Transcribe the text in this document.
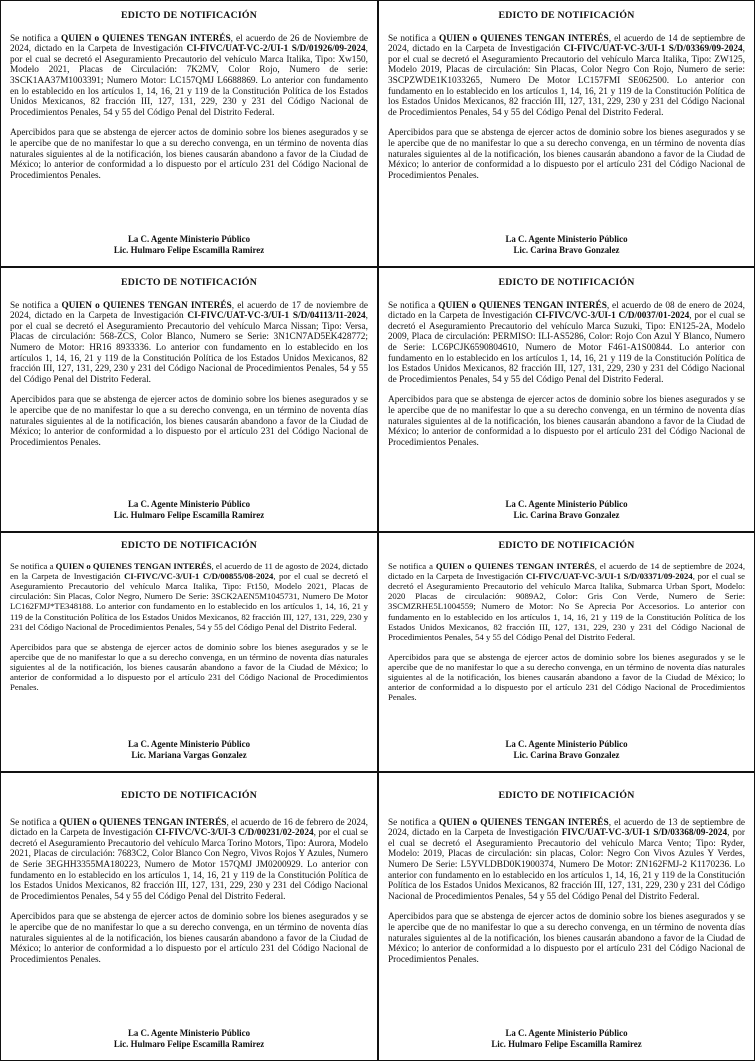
EDICTO DE NOTIFICACIÓN

Se notifica a QUIEN o QUIENES TENGAN INTERÉS, el acuerdo de 26 de Noviembre de 2024, dictado en la Carpeta de Investigación CI-FIVC/UAT-VC-2/UI-1 S/D/01926/09-2024, por el cual se decretó el Aseguramiento Precautorio del vehículo Marca Italika, Tipo: Xw150, Modelo 2021, Placas de Circulación: 7K2MV, Color Rojo, Numero de serie: 3SCK1AA37M1003391; Numero Motor: LC157QMJ L6688869. Lo anterior con fundamento en lo establecido en los artículos 1, 14, 16, 21 y 119 de la Constitución Política de los Estados Unidos Mexicanos, 82 fracción III, 127, 131, 229, 230 y 231 del Código Nacional de Procedimientos Penales, 54 y 55 del Código Penal del Distrito Federal.

Apercibidos para que se abstenga de ejercer actos de dominio sobre los bienes asegurados y se le apercibe que de no manifestar lo que a su derecho convenga, en un término de noventa días naturales siguientes al de la notificación, los bienes causarán abandono a favor de la Ciudad de México; lo anterior de conformidad a lo dispuesto por el artículo 231 del Código Nacional de Procedimientos Penales.

La C. Agente Ministerio Público
Lic. Hulmaro Felipe Escamilla Ramirez
EDICTO DE NOTIFICACIÓN

Se notifica a QUIEN o QUIENES TENGAN INTERÉS, el acuerdo de 14 de septiembre de 2024, dictado en la Carpeta de Investigación CI-FIVC/UAT-VC-3/UI-1 S/D/03369/09-2024, por el cual se decretó el Aseguramiento Precautorio del vehículo Marca Italika, Tipo: ZW125, Modelo 2019, Placas de circulación: Sin Placas, Color Negro Con Rojo, Numero de serie: 3SCPZWDE1K1033265, Numero De Motor LC157FMI SE062500. Lo anterior con fundamento en lo establecido en los artículos 1, 14, 16, 21 y 119 de la Constitución Política de los Estados Unidos Mexicanos, 82 fracción III, 127, 131, 229, 230 y 231 del Código Nacional de Procedimientos Penales, 54 y 55 del Código Penal del Distrito Federal.

Apercibidos para que se abstenga de ejercer actos de dominio sobre los bienes asegurados y se le apercibe que de no manifestar lo que a su derecho convenga, en un término de noventa días naturales siguientes al de la notificación, los bienes causarán abandono a favor de la Ciudad de México; lo anterior de conformidad a lo dispuesto por el artículo 231 del Código Nacional de Procedimientos Penales.

La C. Agente Ministerio Público
Lic. Carina Bravo Gonzalez
EDICTO DE NOTIFICACIÓN

Se notifica a QUIEN o QUIENES TENGAN INTERÉS, el acuerdo de 17 de noviembre de 2024, dictado en la Carpeta de Investigación CI-FIVC/UAT-VC-3/UI-1 S/D/04113/11-2024, por el cual se decretó el Aseguramiento Precautorio del vehículo Marca Nissan; Tipo: Versa, Placas de circulación: 568-ZCS, Color Blanco, Numero se Serie: 3N1CN7AD5EK428772; Numero de Motor: HR16 8933336. Lo anterior con fundamento en lo establecido en los artículos 1, 14, 16, 21 y 119 de la Constitución Política de los Estados Unidos Mexicanos, 82 fracción III, 127, 131, 229, 230 y 231 del Código Nacional de Procedimientos Penales, 54 y 55 del Código Penal del Distrito Federal.

Apercibidos para que se abstenga de ejercer actos de dominio sobre los bienes asegurados y se le apercibe que de no manifestar lo que a su derecho convenga, en un término de noventa días naturales siguientes al de la notificación, los bienes causarán abandono a favor de la Ciudad de México; lo anterior de conformidad a lo dispuesto por el artículo 231 del Código Nacional de Procedimientos Penales.

La C. Agente Ministerio Público
Lic. Hulmaro Felipe Escamilla Ramirez
EDICTO DE NOTIFICACIÓN

Se notifica a QUIEN o QUIENES TENGAN INTERÉS, el acuerdo de 08 de enero de 2024, dictado en la Carpeta de Investigación CI-FIVC/VC-3/UI-1 C/D/0037/01-2024, por el cual se decretó el Aseguramiento Precautorio del vehículo Marca Suzuki, Tipo: EN125-2A, Modelo 2009, Placa de circulación: PERMISO: ILI-AS5286, Color: Rojo Con Azul Y Blanco, Numero de Serie: LC6PCJK6590804610, Numero de Motor F461-A1S00844. Lo anterior con fundamento en lo establecido en los artículos 1, 14, 16, 21 y 119 de la Constitución Política de los Estados Unidos Mexicanos, 82 fracción III, 127, 131, 229, 230 y 231 del Código Nacional de Procedimientos Penales, 54 y 55 del Código Penal del Distrito Federal.

Apercibidos para que se abstenga de ejercer actos de dominio sobre los bienes asegurados y se le apercibe que de no manifestar lo que a su derecho convenga, en un término de noventa días naturales siguientes al de la notificación, los bienes causarán abandono a favor de la Ciudad de México; lo anterior de conformidad a lo dispuesto por el artículo 231 del Código Nacional de Procedimientos Penales.

La C. Agente Ministerio Público
Lic. Carina Bravo Gonzalez
EDICTO DE NOTIFICACIÓN

Se notifica a QUIEN o QUIENES TENGAN INTERÉS, el acuerdo de 11 de agosto de 2024, dictado en la Carpeta de Investigación CI-FIVC/VC-3/UI-1 C/D/00855/08-2024, por el cual se decretó el Aseguramiento Precautorio del vehículo Marca Italika, Tipo: Ft150, Modelo 2021, Placas de circulación: Sin Placas, Color Negro, Numero De Serie: 3SCK2AEN5M1045731, Numero De Motor LC162FMJ*TE348188. Lo anterior con fundamento en lo establecido en los artículos 1, 14, 16, 21 y 119 de la Constitución Política de los Estados Unidos Mexicanos, 82 fracción III, 127, 131, 229, 230 y 231 del Código Nacional de Procedimientos Penales, 54 y 55 del Código Penal del Distrito Federal.

Apercibidos para que se abstenga de ejercer actos de dominio sobre los bienes asegurados y se le apercibe que de no manifestar lo que a su derecho convenga, en un término de noventa días naturales siguientes al de la notificación, los bienes causarán abandono a favor de la Ciudad de México; lo anterior de conformidad a lo dispuesto por el artículo 231 del Código Nacional de Procedimientos Penales.

La C. Agente Ministerio Público
Lic. Mariana Vargas Gonzalez
EDICTO DE NOTIFICACIÓN

Se notifica a QUIEN o QUIENES TENGAN INTERÉS, el acuerdo de 14 de septiembre de 2024, dictado en la Carpeta de Investigación CI-FIVC/UAT-VC-3/UI-1 S/D/03371/09-2024, por el cual se decretó el Aseguramiento Precautorio del vehículo Marca Italika, Submarca Urban Sport, Modelo: 2020 Placas de circulación: 9089A2, Color: Gris Con Verde, Numero de Serie: 3SCMZRHE5L1004559; Numero de Motor: No Se Aprecia Por Accesorios. Lo anterior con fundamento en lo establecido en los artículos 1, 14, 16, 21 y 119 de la Constitución Política de los Estados Unidos Mexicanos, 82 fracción III, 127, 131, 229, 230 y 231 del Código Nacional de Procedimientos Penales, 54 y 55 del Código Penal del Distrito Federal.

Apercibidos para que se abstenga de ejercer actos de dominio sobre los bienes asegurados y se le apercibe que de no manifestar lo que a su derecho convenga, en un término de noventa días naturales siguientes al de la notificación, los bienes causarán abandono a favor de la Ciudad de México; lo anterior de conformidad a lo dispuesto por el artículo 231 del Código Nacional de Procedimientos Penales.

La C. Agente Ministerio Público
Lic. Carina Bravo Gonzalez
EDICTO DE NOTIFICACIÓN

Se notifica a QUIEN o QUIENES TENGAN INTERÉS, el acuerdo de 16 de febrero de 2024, dictado en la Carpeta de Investigación CI-FIVC/VC-3/UI-3 C/D/00231/02-2024, por el cual se decretó el Aseguramiento Precautorio del vehículo Marca Torino Motors, Tipo: Aurora, Modelo 2021, Placas de circulación: 7683C2, Color Blanco Con Negro, Vivos Rojos Y Azules, Numero de Serie 3EGHH3355MA180223, Numero de Motor 157QMJ JM0200929. Lo anterior con fundamento en lo establecido en los artículos 1, 14, 16, 21 y 119 de la Constitución Política de los Estados Unidos Mexicanos, 82 fracción III, 127, 131, 229, 230 y 231 del Código Nacional de Procedimientos Penales, 54 y 55 del Código Penal del Distrito Federal.

Apercibidos para que se abstenga de ejercer actos de dominio sobre los bienes asegurados y se le apercibe que de no manifestar lo que a su derecho convenga, en un término de noventa días naturales siguientes al de la notificación, los bienes causarán abandono a favor de la Ciudad de México; lo anterior de conformidad a lo dispuesto por el artículo 231 del Código Nacional de Procedimientos Penales.

La C. Agente Ministerio Público
Lic. Hulmaro Felipe Escamilla Ramirez
EDICTO DE NOTIFICACIÓN

Se notifica a QUIEN o QUIENES TENGAN INTERÉS, el acuerdo de 13 de septiembre de 2024, dictado en la Carpeta de Investigación FIVC/UAT-VC-3/UI-1 S/D/03368/09-2024, por el cual se decretó el Aseguramiento Precautorio del vehículo Marca Vento; Tipo: Ryder, Modelo: 2019, Placas de circulación: sin placas, Color: Negro Con Vivos Azules Y Verdes, Numero De Serie: L5YVLDBD0K1900374, Numero De Motor: ZN162FMJ-2 K1170236. Lo anterior con fundamento en lo establecido en los artículos 1, 14, 16, 21 y 119 de la Constitución Política de los Estados Unidos Mexicanos, 82 fracción III, 127, 131, 229, 230 y 231 del Código Nacional de Procedimientos Penales, 54 y 55 del Código Penal del Distrito Federal.

Apercibidos para que se abstenga de ejercer actos de dominio sobre los bienes asegurados y se le apercibe que de no manifestar lo que a su derecho convenga, en un término de noventa días naturales siguientes al de la notificación, los bienes causarán abandono a favor de la Ciudad de México; lo anterior de conformidad a lo dispuesto por el artículo 231 del Código Nacional de Procedimientos Penales.

La C. Agente Ministerio Público
Lic. Hulmaro Felipe Escamilla Ramirez
